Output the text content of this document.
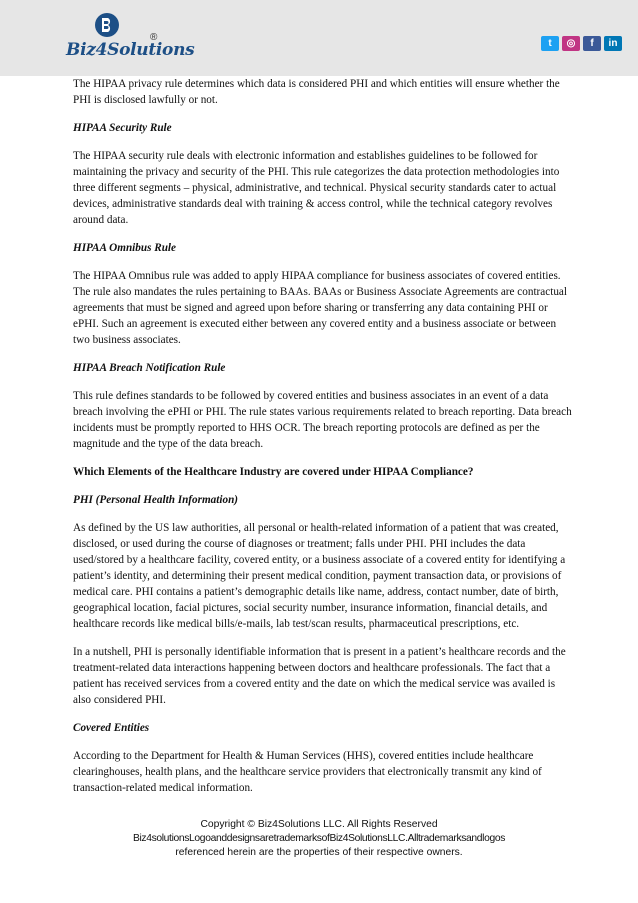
Biz4Solutions
®
t	◎	f	in

The HIPAA privacy rule determines which data is considered PHI and which entities will ensure whether the PHI is disclosed lawfully or not.

HIPAA Security Rule

The HIPAA security rule deals with electronic information and establishes guidelines to be followed for maintaining the privacy and security of the PHI. This rule categorizes the data protection methodologies into three different segments – physical, administrative, and technical. Physical security standards cater to actual devices, administrative standards deal with training & access control, while the technical category revolves around data.

HIPAA Omnibus Rule

The HIPAA Omnibus rule was added to apply HIPAA compliance for business associates of covered entities. The rule also mandates the rules pertaining to BAAs. BAAs or Business Associate Agreements are contractual agreements that must be signed and agreed upon before sharing or transferring any data containing PHI or ePHI. Such an agreement is executed either between any covered entity and a business associate or between two business associates.

HIPAA Breach Notification Rule

This rule defines standards to be followed by covered entities and business associates in an event of a data breach involving the ePHI or PHI. The rule states various requirements related to breach reporting. Data breach incidents must be promptly reported to HHS OCR. The breach reporting protocols are defined as per the magnitude and the type of the data breach.

Which Elements of the Healthcare Industry are covered under HIPAA Compliance?
PHI (Personal Health Information)

As defined by the US law authorities, all personal or health-related information of a patient that was created, disclosed, or used during the course of diagnoses or treatment; falls under PHI. PHI includes the data used/stored by a healthcare facility, covered entity, or a business associate of a covered entity for identifying a patient’s identity, and determining their present medical condition, payment transaction data, or provisions of medical care. PHI contains a patient’s demographic details like name, address, contact number, date of birth, geographical location, facial pictures, social security number, insurance information, financial details, and healthcare records like medical bills/e-mails, lab test/scan results, pharmaceutical prescriptions, etc.

In a nutshell, PHI is personally identifiable information that is present in a patient’s healthcare records and the treatment-related data interactions happening between doctors and healthcare professionals. The fact that a patient has received services from a covered entity and the date on which the medical service was availed is also considered PHI.

Covered Entities

According to the Department for Health & Human Services (HHS), covered entities include healthcare clearinghouses, health plans, and the healthcare service providers that electronically transmit any kind of transaction-related medical information.

Copyright © Biz4Solutions LLC. All Rights Reserved
Biz4solutionsLogoanddesignsaretrademarksofBiz4SolutionsLLC.Alltrademarksandlogos
referenced herein are the properties of their respective owners.
